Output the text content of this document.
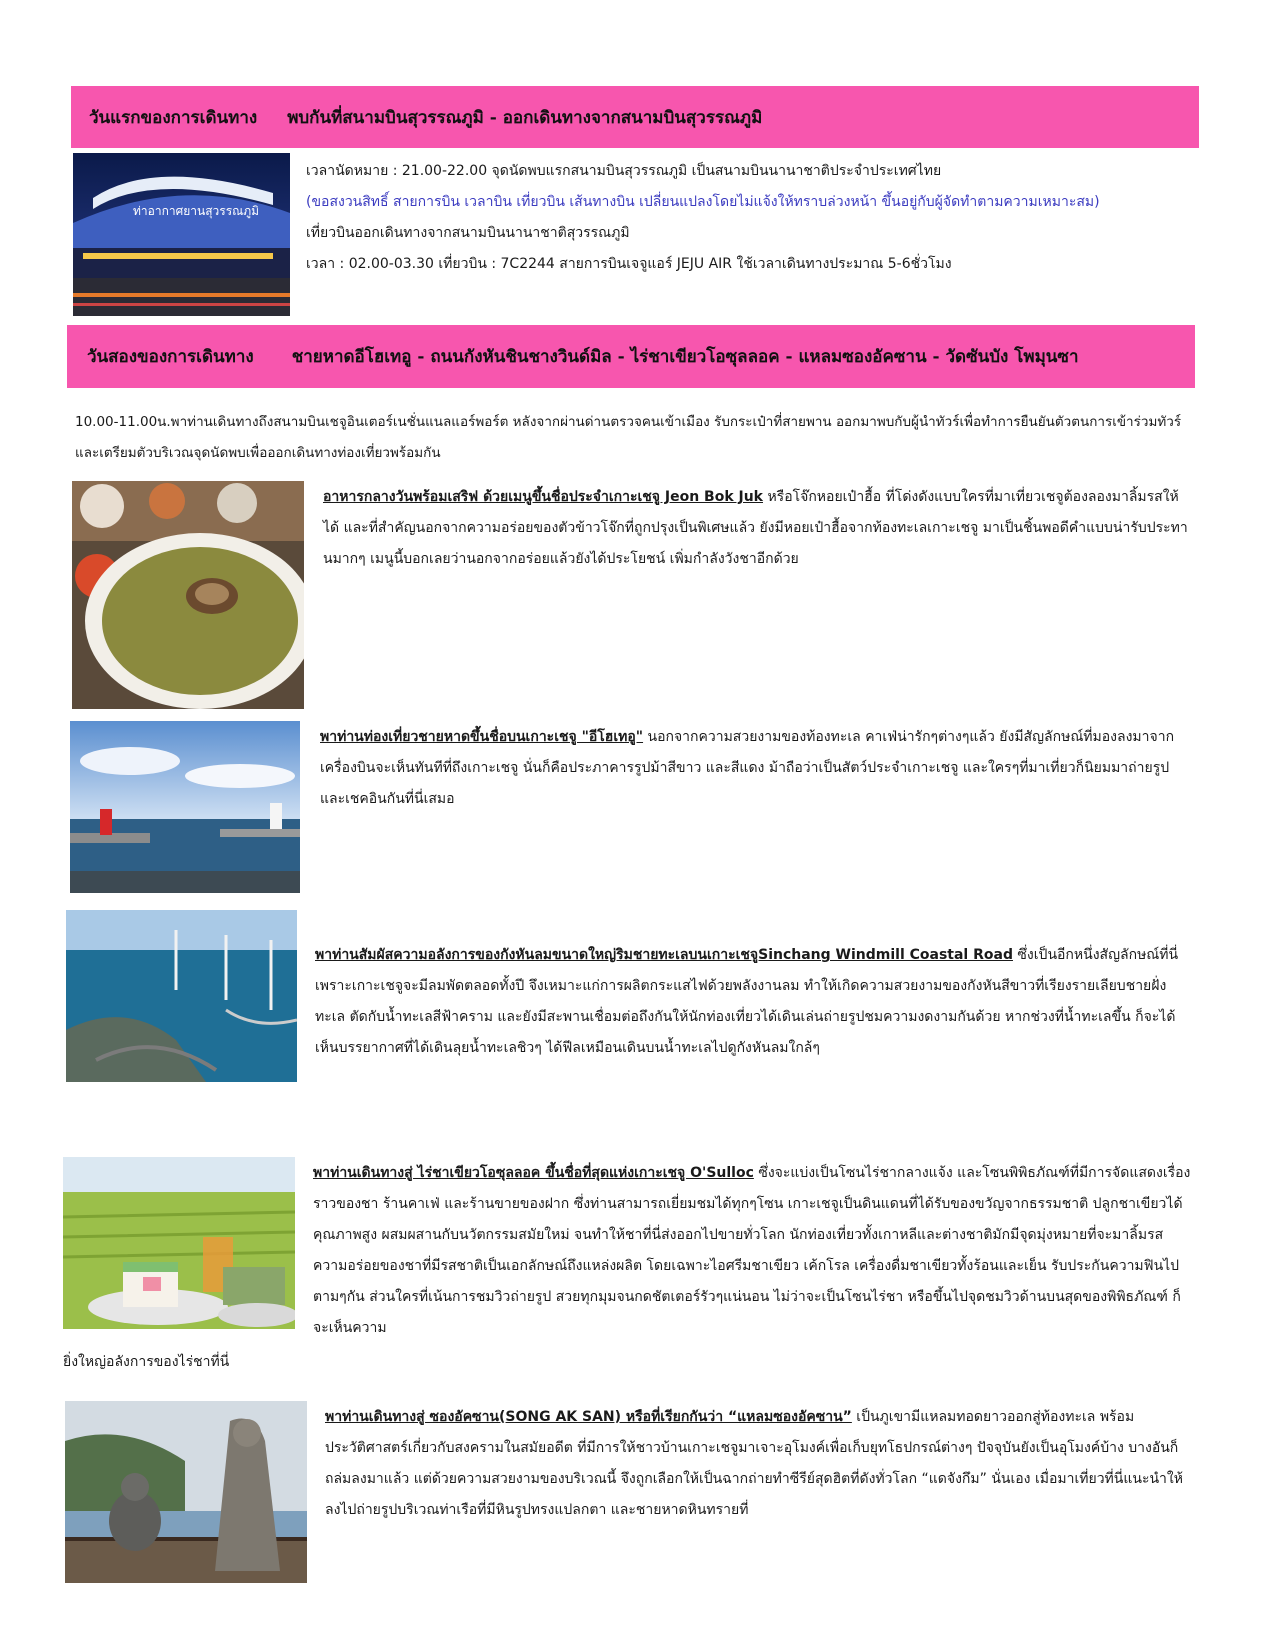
วันแรกของการเดินทาง พบกันที่สนามบินสุวรรณภูมิ - ออกเดินทางจากสนามบินสุวรรณภูมิ
ท่าอากาศยานสุวรรณภูมิ

เวลานัดหมาย : 21.00-22.00 จุดนัดพบแรกสนามบินสุวรรณภูมิ เป็นสนามบินนานาชาติประจำประเทศไทย

(ขอสงวนสิทธิ์ สายการบิน เวลาบิน เที่ยวบิน เส้นทางบิน เปลี่ยนแปลงโดยไม่แจ้งให้ทราบล่วงหน้า ขึ้นอยู่กับผู้จัดทำตามความเหมาะสม)

เที่ยวบินออกเดินทางจากสนามบินนานาชาติสุวรรณภูมิ

เวลา : 02.00-03.30 เที่ยวบิน : 7C2244 สายการบินเจจูแอร์ JEJU AIR ใช้เวลาเดินทางประมาณ 5-6ชั่วโมง

วันสองของการเดินทาง ชายหาดอีโฮเทอู - ถนนกังหันชินชางวินด์มิล - ไร่ชาเขียวโอซุลลอค - แหลมซองอัคซาน - วัดซันบัง โพมุนซา

10.00-11.00น.พาท่านเดินทางถึงสนามบินเชจูอินเตอร์เนชั่นแนลแอร์พอร์ต หลังจากผ่านด่านตรวจคนเข้าเมือง รับกระเป๋าที่สายพาน ออกมาพบกับผู้นำทัวร์เพื่อทำการยืนยันตัวตนการเข้าร่วมทัวร์ และเตรียมตัวบริเวณจุดนัดพบเพื่อออกเดินทางท่องเที่ยวพร้อมกัน

อาหารกลางวันพร้อมเสริฟ ด้วยเมนูขึ้นชื่อประจำเกาะเชจู Jeon Bok Juk หรือโจ๊กหอยเป๋าฮื้อ ที่โด่งดังแบบใครที่มาเที่ยวเชจูต้องลองมาลิ้มรสให้ได้ และที่สำคัญนอกจากความอร่อยของตัวข้าวโจ๊กที่ถูกปรุงเป็นพิเศษแล้ว ยังมีหอยเป๋าฮื้อจากท้องทะเลเกาะเชจู มาเป็นชิ้นพอดีคำแบบน่ารับประทานมากๆ เมนูนี้บอกเลยว่านอกจากอร่อยแล้วยังได้ประโยชน์ เพิ่มกำลังวังชาอีกด้วย

พาท่านท่องเที่ยวชายหาดขึ้นชื่อบนเกาะเชจู "อีโฮเทอู" นอกจากความสวยงามของท้องทะเล คาเฟ่น่ารักๆต่างๆแล้ว ยังมีสัญลักษณ์ที่มองลงมาจากเครื่องบินจะเห็นทันทีที่ถึงเกาะเชจู นั่นก็คือประภาคารรูปม้าสีขาว และสีแดง ม้าถือว่าเป็นสัตว์ประจำเกาะเชจู และใครๆที่มาเที่ยวก็นิยมมาถ่ายรูปและเชคอินกันที่นี่เสมอ

พาท่านสัมผัสความอลังการของกังหันลมขนาดใหญ่ริมชายทะเลบนเกาะเชจูSinchang Windmill Coastal Road ซึ่งเป็นอีกหนึ่งสัญลักษณ์ที่นี่ เพราะเกาะเชจูจะมีลมพัดตลอดทั้งปี จึงเหมาะแก่การผลิตกระแสไฟด้วยพลังงานลม ทำให้เกิดความสวยงามของกังหันสีขาวที่เรียงรายเลียบชายฝั่งทะเล ตัดกับน้ำทะเลสีฟ้าคราม และยังมีสะพานเชื่อมต่อถึงกันให้นักท่องเที่ยวได้เดินเล่นถ่ายรูปชมความงดงามกันด้วย หากช่วงที่น้ำทะเลขึ้น ก็จะได้เห็นบรรยากาศที่ได้เดินลุยน้ำทะเลชิวๆ ได้ฟีลเหมือนเดินบนน้ำทะเลไปดูกังหันลมใกล้ๆ

พาท่านเดินทางสู่ ไร่ชาเขียวโอซุลลอค ขึ้นชื่อที่สุดแห่งเกาะเชจู O'Sulloc ซึ่งจะแบ่งเป็นโซนไร่ชากลางแจ้ง และโซนพิพิธภัณฑ์ที่มีการจัดแสดงเรื่องราวของชา ร้านคาเฟ่ และร้านขายของฝาก ซึ่งท่านสามารถเยี่ยมชมได้ทุกๆโซน เกาะเชจูเป็นดินแดนที่ได้รับของขวัญจากธรรมชาติ ปลูกชาเขียวได้คุณภาพสูง ผสมผสานกับนวัตกรรมสมัยใหม่ จนทำให้ชาที่นี่ส่งออกไปขายทั่วโลก นักท่องเที่ยวทั้งเกาหลีและต่างชาติมักมีจุดมุ่งหมายที่จะมาลิ้มรสความอร่อยของชาที่มีรสชาติเป็นเอกลักษณ์ถึงแหล่งผลิต โดยเฉพาะไอศรีมชาเขียว เค้กโรล เครื่องดื่มชาเขียวทั้งร้อนและเย็น รับประกันความฟินไปตามๆกัน ส่วนใครที่เน้นการชมวิวถ่ายรูป สวยทุกมุมจนกดชัตเตอร์รัวๆแน่นอน ไม่ว่าจะเป็นโซนไร่ชา หรือขึ้นไปจุดชมวิวด้านบนสุดของพิพิธภัณฑ์ ก็จะเห็นความ

ยิ่งใหญ่อลังการของไร่ชาที่นี่

พาท่านเดินทางสู่ ซองอัคซาน(SONG AK SAN) หรือที่เรียกกันว่า “แหลมซองอัคซาน” เป็นภูเขามีแหลมทอดยาวออกสู่ท้องทะเล พร้อมประวัติศาสตร์เกี่ยวกับสงครามในสมัยอดีต ที่มีการให้ชาวบ้านเกาะเชจูมาเจาะอุโมงค์เพื่อเก็บยุทโธปกรณ์ต่างๆ ปัจจุบันยังเป็นอุโมงค์บ้าง บางอันก็ถล่มลงมาแล้ว แต่ด้วยความสวยงามของบริเวณนี้ จึงถูกเลือกให้เป็นฉากถ่ายทำซีรีย์สุดฮิตที่ดังทั่วโลก “แดจังกึม” นั่นเอง เมื่อมาเที่ยวที่นี่แนะนำให้ลงไปถ่ายรูปบริเวณท่าเรือที่มีหินรูปทรงแปลกตา และชายหาดหินทรายที่
